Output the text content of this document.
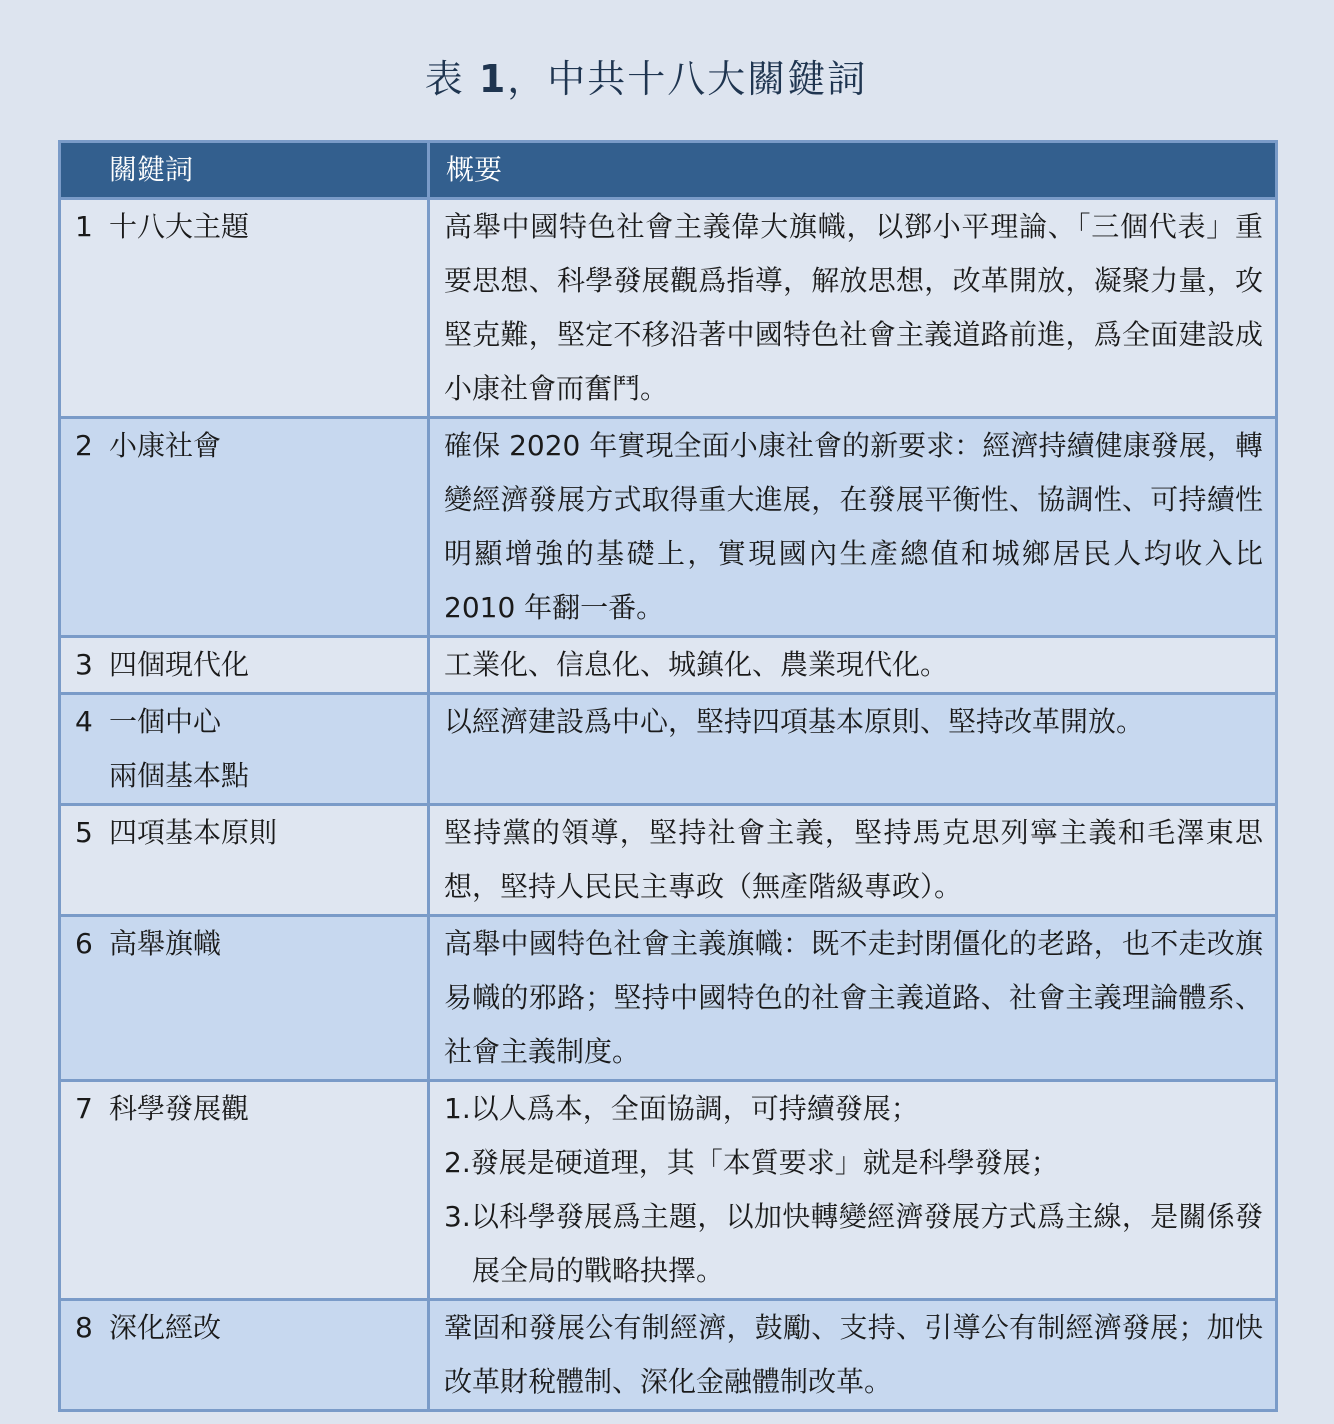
表 1，中共十八大關鍵詞
關鍵詞	概要

1 十八大主題	高舉中國特色社會主義偉大旗幟，以鄧小平理論、「三個代表」重要思想、科學發展觀爲指導，解放思想，改革開放，凝聚力量，攻堅克難，堅定不移沿著中國特色社會主義道路前進，爲全面建設成小康社會而奮鬥。

2 小康社會	確保 2020 年實現全面小康社會的新要求：經濟持續健康發展，轉變經濟發展方式取得重大進展，在發展平衡性、協調性、可持續性明顯增強的基礎上，實現國內生產總值和城鄉居民人均收入比 2010 年翻一番。

3 四個現代化	工業化、信息化、城鎮化、農業現代化。

4 一個中心
兩個基本點	以經濟建設爲中心，堅持四項基本原則、堅持改革開放。

5 四項基本原則	堅持黨的領導，堅持社會主義，堅持馬克思列寧主義和毛澤東思想，堅持人民民主專政（無產階級專政）。

6 高舉旗幟	高舉中國特色社會主義旗幟：既不走封閉僵化的老路，也不走改旗易幟的邪路；堅持中國特色的社會主義道路、社會主義理論體系、社會主義制度。

7 科學發展觀	1.以人爲本，全面協調，可持續發展；
2.發展是硬道理，其「本質要求」就是科學發展；
3.以科學發展爲主題，以加快轉變經濟發展方式爲主線，是關係發展全局的戰略抉擇。

8 深化經改	鞏固和發展公有制經濟，鼓勵、支持、引導公有制經濟發展；加快改革財稅體制、深化金融體制改革。
